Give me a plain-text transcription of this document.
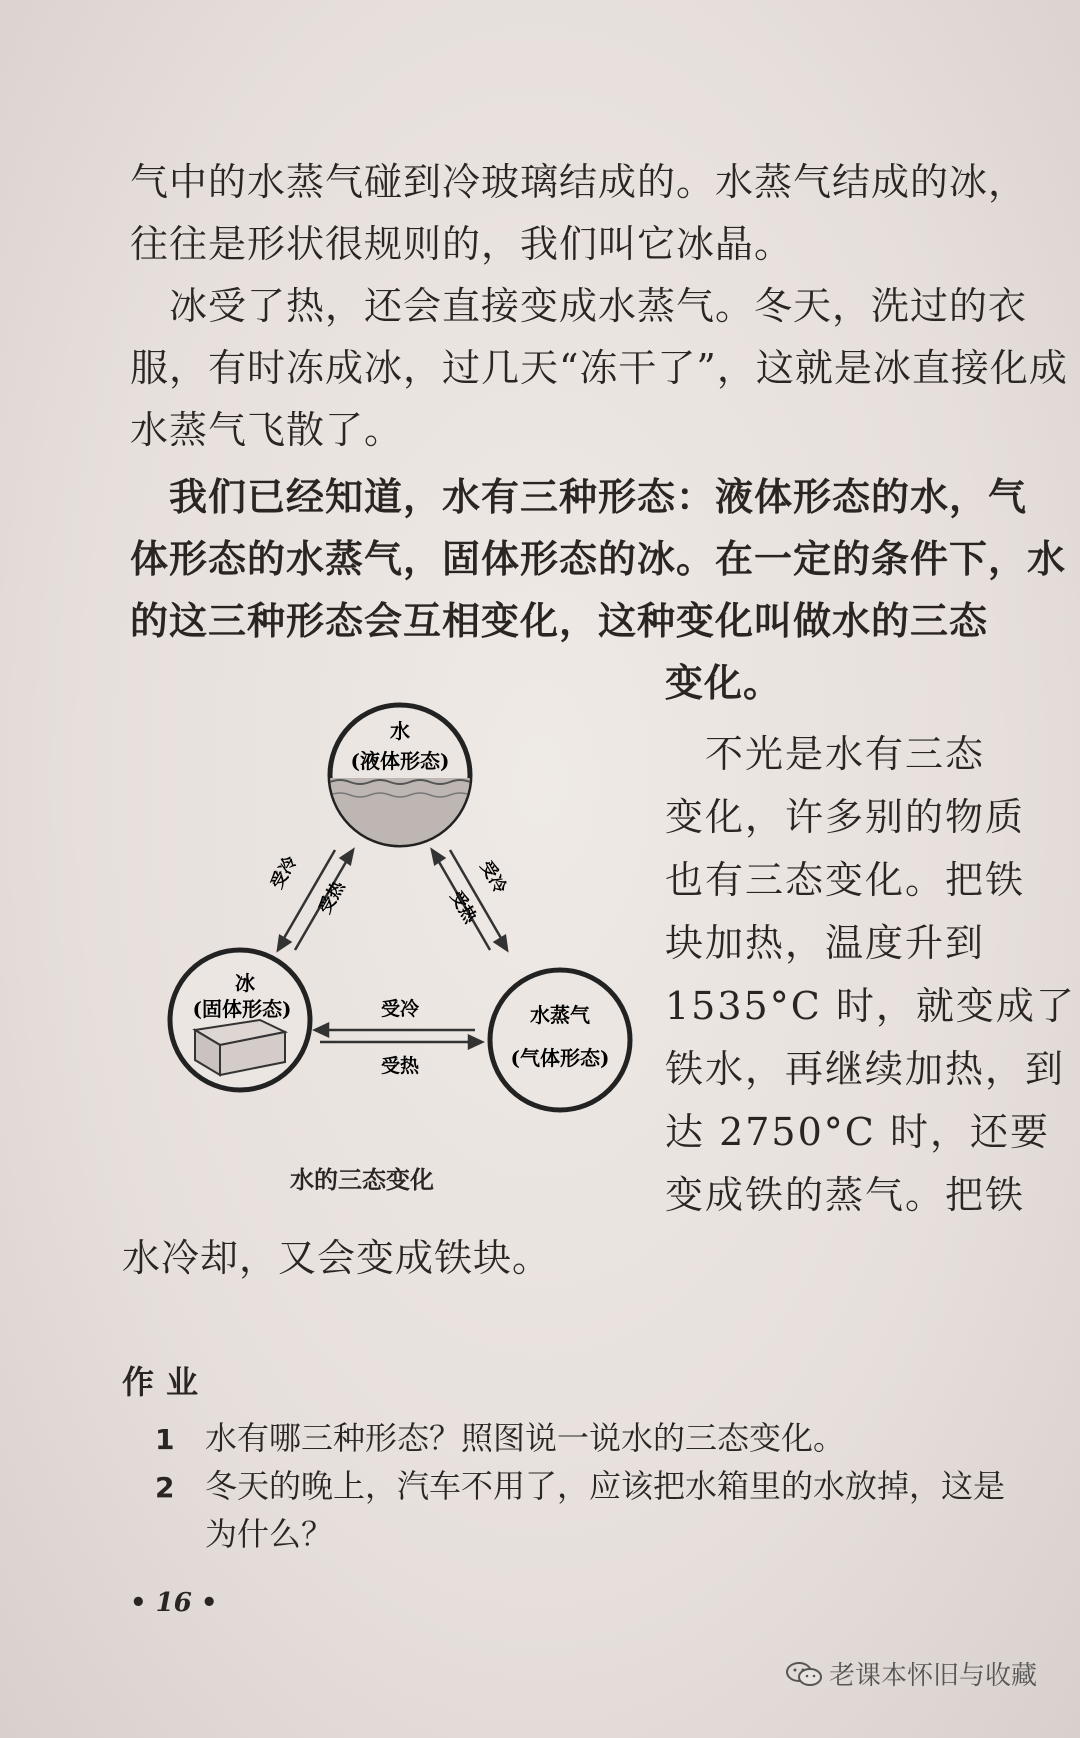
气中的水蒸气碰到冷玻璃结成的。水蒸气结成的冰，
往往是形状很规则的，我们叫它冰晶。
　冰受了热，还会直接变成水蒸气。冬天，洗过的衣
服，有时冻成冰，过几天“冻干了”，这就是冰直接化成
水蒸气飞散了。
　我们已经知道，水有三种形态：液体形态的水，气
体形态的水蒸气，固体形态的冰。在一定的条件下，水
的这三种形态会互相变化，这种变化叫做水的三态
变化。
　不光是水有三态
变化，许多别的物质
也有三态变化。把铁
块加热，温度升到
1535°C 时，就变成了
铁水，再继续加热，到
达 2750°C 时，还要
变成铁的蒸气。把铁
水冷却，又会变成铁块。
水
(液体形态)
冰
(固体形态)	水蒸气
(气体形态)
受冷
受热
受冷
受热
受冷
受热
水的三态变化
作业
1 水有哪三种形态？照图说一说水的三态变化。
2 冬天的晚上，汽车不用了，应该把水箱里的水放掉，这是
为什么？
• 16 •
老课本怀旧与收藏
